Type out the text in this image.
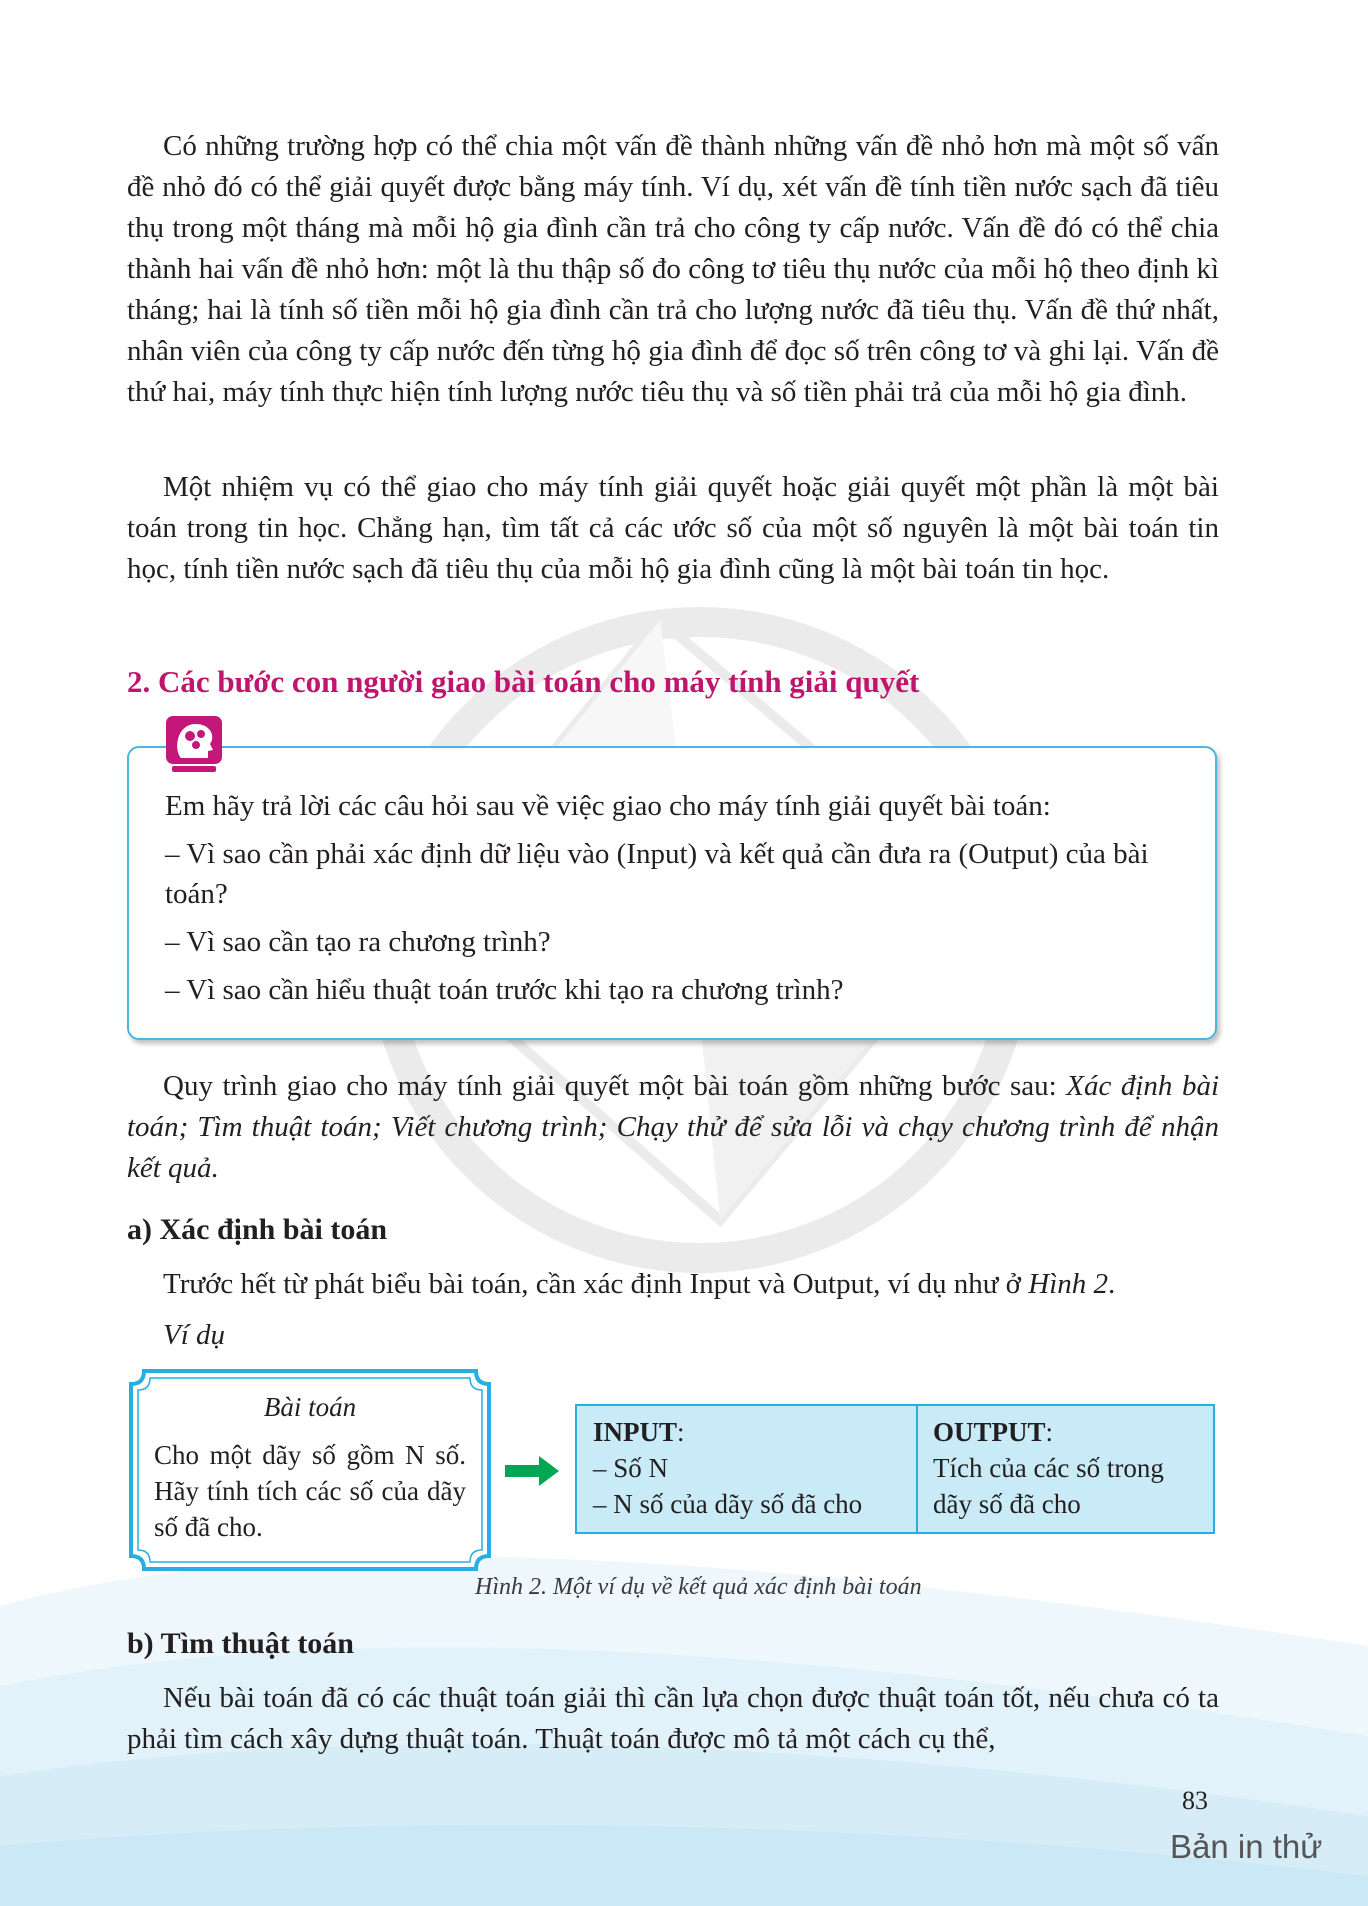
Có những trường hợp có thể chia một vấn đề thành những vấn đề nhỏ hơn mà một số vấn đề nhỏ đó có thể giải quyết được bằng máy tính. Ví dụ, xét vấn đề tính tiền nước sạch đã tiêu thụ trong một tháng mà mỗi hộ gia đình cần trả cho công ty cấp nước. Vấn đề đó có thể chia thành hai vấn đề nhỏ hơn: một là thu thập số đo công tơ tiêu thụ nước của mỗi hộ theo định kì tháng; hai là tính số tiền mỗi hộ gia đình cần trả cho lượng nước đã tiêu thụ. Vấn đề thứ nhất, nhân viên của công ty cấp nước đến từng hộ gia đình để đọc số trên công tơ và ghi lại. Vấn đề thứ hai, máy tính thực hiện tính lượng nước tiêu thụ và số tiền phải trả của mỗi hộ gia đình.

Một nhiệm vụ có thể giao cho máy tính giải quyết hoặc giải quyết một phần là một bài toán trong tin học. Chẳng hạn, tìm tất cả các ước số của một số nguyên là một bài toán tin học, tính tiền nước sạch đã tiêu thụ của mỗi hộ gia đình cũng là một bài toán tin học.

2. Các bước con người giao bài toán cho máy tính giải quyết

Em hãy trả lời các câu hỏi sau về việc giao cho máy tính giải quyết bài toán:

– Vì sao cần phải xác định dữ liệu vào (Input) và kết quả cần đưa ra (Output) của bài toán?

– Vì sao cần tạo ra chương trình?

– Vì sao cần hiểu thuật toán trước khi tạo ra chương trình?

Quy trình giao cho máy tính giải quyết một bài toán gồm những bước sau: Xác định bài toán; Tìm thuật toán; Viết chương trình; Chạy thử để sửa lỗi và chạy chương trình để nhận kết quả.

a) Xác định bài toán

Trước hết từ phát biểu bài toán, cần xác định Input và Output, ví dụ như ở Hình 2.

Ví dụ

Bài toán

Cho một dãy số gồm N số. Hãy tính tích các số của dãy số đã cho.

INPUT:
– Số N
– N số của dãy số đã cho
OUTPUT:
Tích của các số trong
dãy số đã cho

Hình 2. Một ví dụ về kết quả xác định bài toán

b) Tìm thuật toán

Nếu bài toán đã có các thuật toán giải thì cần lựa chọn được thuật toán tốt, nếu chưa có ta phải tìm cách xây dựng thuật toán. Thuật toán được mô tả một cách cụ thể,

83

Bản in thử
